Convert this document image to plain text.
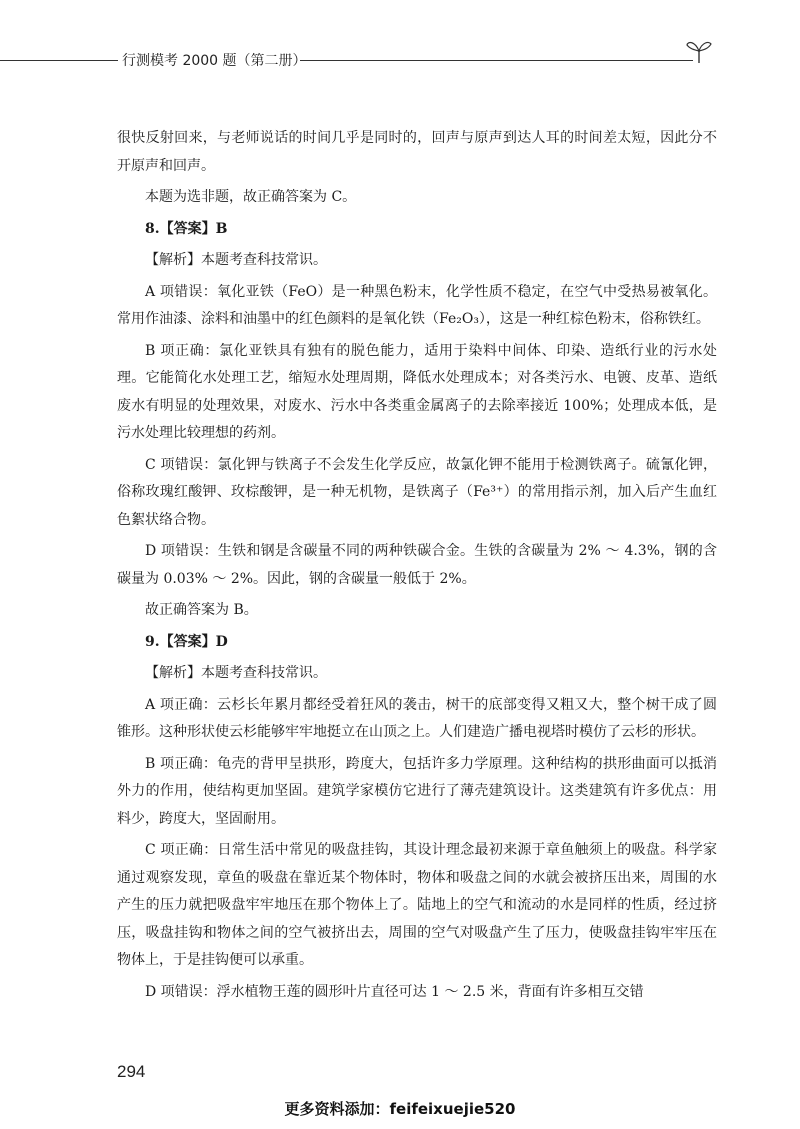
行测模考 2000 题（第二册）

很快反射回来，与老师说话的时间几乎是同时的，回声与原声到达人耳的时间差太短，因此分不开原声和回声。

本题为选非题，故正确答案为 C。

8.【答案】B

【解析】本题考查科技常识。

A 项错误：氧化亚铁（FeO）是一种黑色粉末，化学性质不稳定，在空气中受热易被氧化。常用作油漆、涂料和油墨中的红色颜料的是氧化铁（Fe₂O₃），这是一种红棕色粉末，俗称铁红。

B 项正确：氯化亚铁具有独有的脱色能力，适用于染料中间体、印染、造纸行业的污水处理。它能简化水处理工艺，缩短水处理周期，降低水处理成本；对各类污水、电镀、皮革、造纸废水有明显的处理效果，对废水、污水中各类重金属离子的去除率接近 100%；处理成本低，是污水处理比较理想的药剂。

C 项错误：氯化钾与铁离子不会发生化学反应，故氯化钾不能用于检测铁离子。硫氰化钾，俗称玫瑰红酸钾、玫棕酸钾，是一种无机物，是铁离子（Fe³⁺）的常用指示剂，加入后产生血红色絮状络合物。

D 项错误：生铁和钢是含碳量不同的两种铁碳合金。生铁的含碳量为 2% ～ 4.3%，钢的含碳量为 0.03% ～ 2%。因此，钢的含碳量一般低于 2%。

故正确答案为 B。

9.【答案】D

【解析】本题考查科技常识。

A 项正确：云杉长年累月都经受着狂风的袭击，树干的底部变得又粗又大，整个树干成了圆锥形。这种形状使云杉能够牢牢地挺立在山顶之上。人们建造广播电视塔时模仿了云杉的形状。

B 项正确：龟壳的背甲呈拱形，跨度大，包括许多力学原理。这种结构的拱形曲面可以抵消外力的作用，使结构更加坚固。建筑学家模仿它进行了薄壳建筑设计。这类建筑有许多优点：用料少，跨度大，坚固耐用。

C 项正确：日常生活中常见的吸盘挂钩，其设计理念最初来源于章鱼触须上的吸盘。科学家通过观察发现，章鱼的吸盘在靠近某个物体时，物体和吸盘之间的水就会被挤压出来，周围的水产生的压力就把吸盘牢牢地压在那个物体上了。陆地上的空气和流动的水是同样的性质，经过挤压，吸盘挂钩和物体之间的空气被挤出去，周围的空气对吸盘产生了压力，使吸盘挂钩牢牢压在物体上，于是挂钩便可以承重。

D 项错误：浮水植物王莲的圆形叶片直径可达 1 ～ 2.5 米，背面有许多相互交错

294
更多资料添加：feifeixuejie520
